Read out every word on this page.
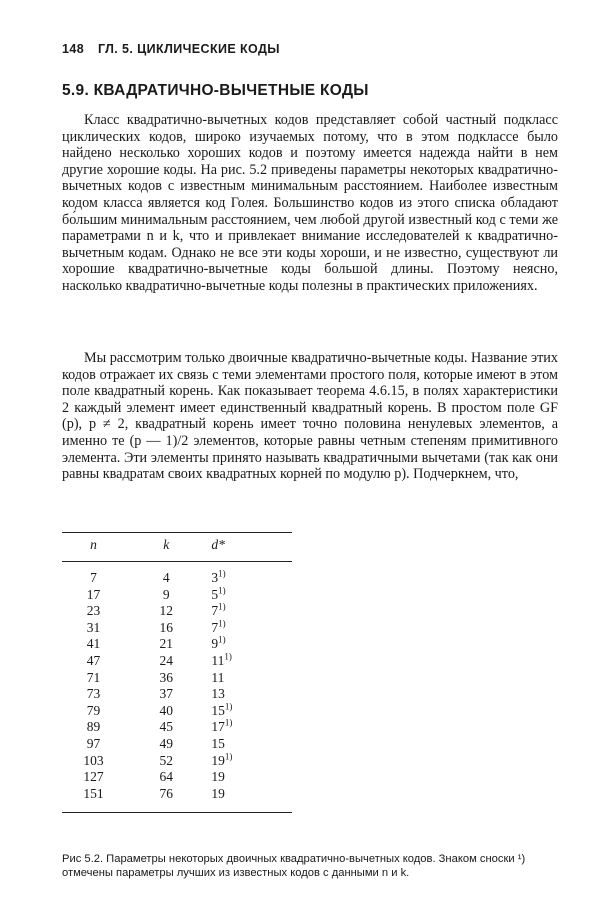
148 ГЛ. 5. ЦИКЛИЧЕСКИЕ КОДЫ
5.9. КВАДРАТИЧНО-ВЫЧЕТНЫЕ КОДЫ

Класс квадратично-вычетных кодов представляет собой частный подкласс циклических кодов, широко изучаемых потому, что в этом подклассе было найдено несколько хороших кодов и поэтому имеется надежда найти в нем другие хорошие коды. На рис. 5.2 приведены параметры некоторых квадратично-вычетных кодов с известным минимальным расстоянием. Наиболее известным кодом класса является код Голея. Большинство кодов из этого списка обладают бо́льшим минимальным расстоянием, чем любой другой известный код с теми же параметрами n и k, что и привлекает внимание исследователей к квадратично-вычетным кодам. Однако не все эти коды хороши, и не известно, существуют ли хорошие квадратично-вычетные коды большой длины. Поэтому неясно, насколько квадратично-вычетные коды полезны в практических приложениях.

Мы рассмотрим только двоичные квадратично-вычетные коды. Название этих кодов отражает их связь с теми элементами простого поля, которые имеют в этом поле квадратный корень. Как показывает теорема 4.6.15, в полях характеристики 2 каждый элемент имеет единственный квадратный корень. В простом поле GF (p), p ≠ 2, квадратный корень имеет точно половина ненулевых элементов, а именно те (p — 1)/2 элементов, которые равны четным степеням примитивного элемента. Эти элементы принято называть квадратичными вычетами (так как они равны квадратам своих квадратных корней по модулю p). Подчеркнем, что,

n	k	d*
7	4	3$^{1)}$
17	9	5$^{1)}$
23	12	7$^{1)}$
31	16	7$^{1)}$
41	21	9$^{1)}$
47	24	11$^{1)}$
71	36	11
73	37	13
79	40	15$^{1)}$
89	45	17$^{1)}$
97	49	15
103	52	19$^{1)}$
127	64	19
151	76	19

Рис 5.2. Параметры некоторых двоичных квадратично-вычетных кодов. Знаком сноски ¹) отмечены параметры лучших из известных кодов с данными n и k.
